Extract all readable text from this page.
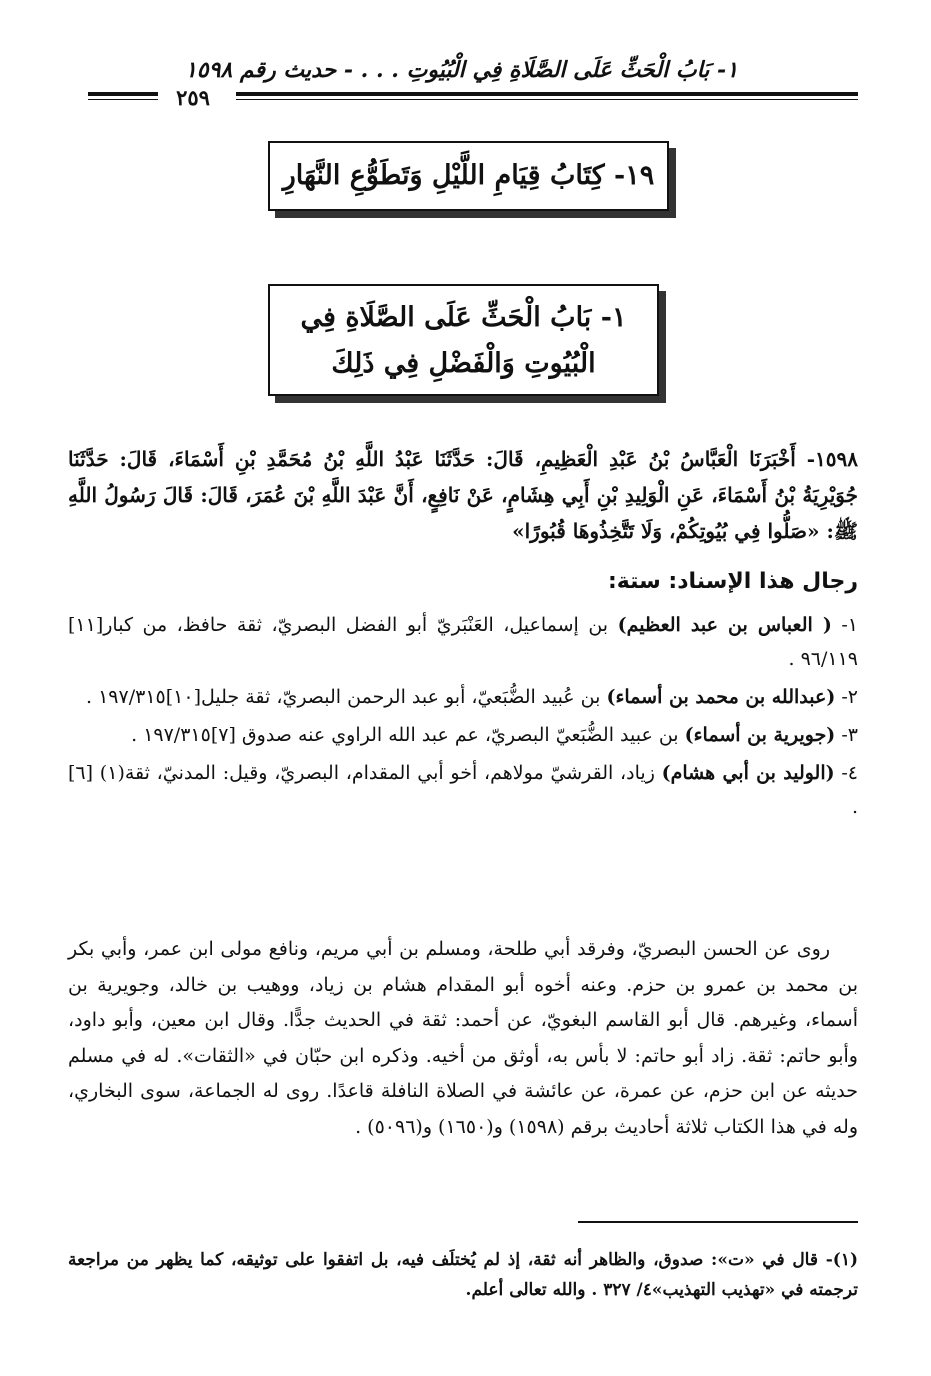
١- بَابُ الْحَثِّ عَلَى الصَّلَاةِ فِي الْبُيُوتِ . . . - حديث رقم ١٥٩٨
٢٥٩
١٩- كِتَابُ قِيَامِ اللَّيْلِ وَتَطَوُّعِ النَّهَارِ
١- بَابُ الْحَثِّ عَلَى الصَّلَاةِ فِي
الْبُيُوتِ وَالْفَضْلِ فِي ذَلِكَ
١٥٩٨- أَخْبَرَنَا الْعَبَّاسُ بْنُ عَبْدِ الْعَظِيمِ، قَالَ: حَدَّثَنَا عَبْدُ اللَّهِ بْنُ مُحَمَّدِ بْنِ أَسْمَاءَ، قَالَ: حَدَّثَنَا جُوَيْرِيَةُ بْنُ أَسْمَاءَ، عَنِ الْوَلِيدِ بْنِ أَبِي هِشَامٍ، عَنْ نَافِعٍ، أَنَّ عَبْدَ اللَّهِ بْنَ عُمَرَ، قَالَ: قَالَ رَسُولُ اللَّهِ ﷺ: «صَلُّوا فِي بُيُوتِكُمْ، وَلَا تَتَّخِذُوهَا قُبُورًا»
رجال هذا الإسناد: ستة:
١- ( العباس بن عبد العظيم) بن إسماعيل، العَنْبَريّ أبو الفضل البصريّ، ثقة حافظ، من كبار[١١] ٩٦/١١٩ .
٢- (عبدالله بن محمد بن أسماء) بن عُبيد الضُّبَعيّ، أبو عبد الرحمن البصريّ، ثقة جليل[١٠]١٩٧/٣١٥ .
٣- (جويرية بن أسماء) بن عبيد الضُّبَعيّ البصريّ، عم عبد الله الراوي عنه صدوق [٧]١٩٧/٣١٥ .
٤- (الوليد بن أبي هشام) زياد، القرشيّ مولاهم، أخو أبي المقدام، البصريّ، وقيل: المدنيّ، ثقة(١) [٦] .

روى عن الحسن البصريّ، وفرقد أبي طلحة، ومسلم بن أبي مريم، ونافع مولى ابن عمر، وأبي بكر بن محمد بن عمرو بن حزم. وعنه أخوه أبو المقدام هشام بن زياد، ووهيب بن خالد، وجويرية بن أسماء، وغيرهم. قال أبو القاسم البغويّ، عن أحمد: ثقة في الحديث جدًّا. وقال ابن معين، وأبو داود، وأبو حاتم: ثقة. زاد أبو حاتم: لا بأس به، أوثق من أخيه. وذكره ابن حبّان في «الثقات». له في مسلم حديثه عن ابن حزم، عن عمرة، عن عائشة في الصلاة النافلة قاعدًا. روى له الجماعة، سوى البخاري، وله في هذا الكتاب ثلاثة أحاديث برقم (١٥٩٨) و(١٦٥٠) و(٥٠٩٦) .

(١)- قال في «ت»: صدوق، والظاهر أنه ثقة، إذ لم يُختلَف فيه، بل اتفقوا على توثيقه، كما يظهر من مراجعة ترجمته في «تهذيب التهذيب»٤/ ٣٢٧ . والله تعالى أعلم.
